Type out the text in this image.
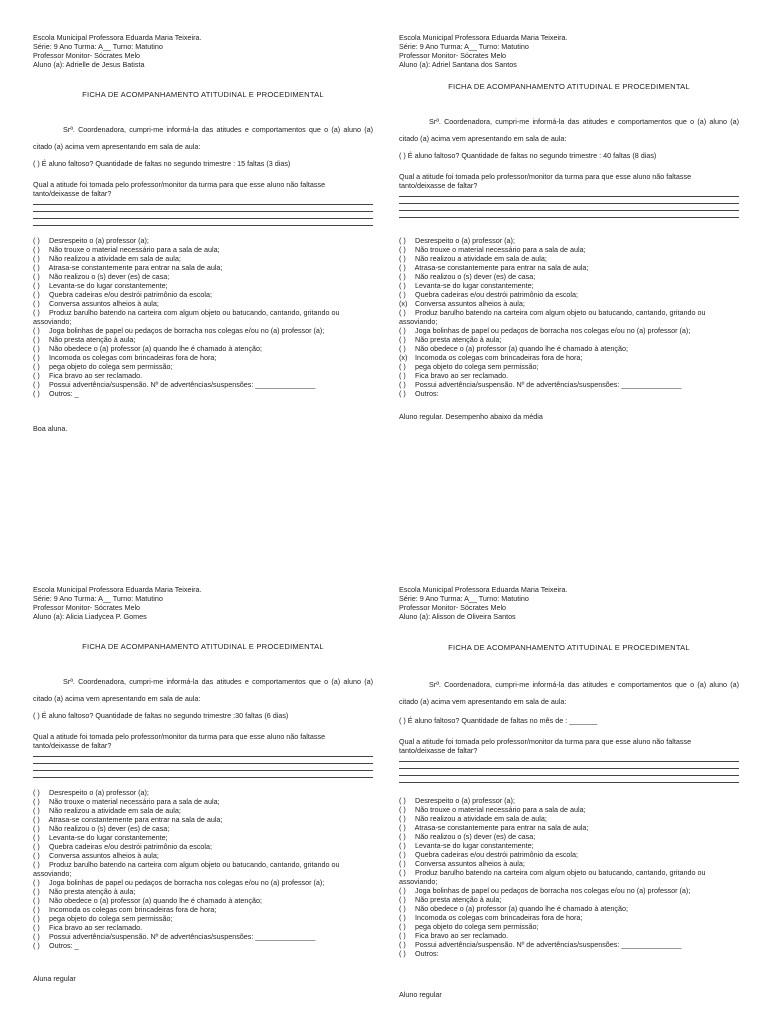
Escola Municipal Professora Eduarda Maria Teixeira.
Série: 9 Ano Turma: A__ Turno: Matutino
Professor Monitor- Sócrates Melo
Aluno (a): Adrielle de Jesus Batista
FICHA DE ACOMPANHAMENTO ATITUDINAL E PROCEDIMENTAL
Srª. Coordenadora, cumpri-me informá-la das atitudes e comportamentos que o (a) aluno (a) citado (a) acima vem apresentando em sala de aula:
( ) É aluno faltoso? Quantidade de faltas no segundo trimestre : 15 faltas (3 dias)
Qual a atitude foi tomada pelo professor/monitor da turma para que esse aluno não faltasse tanto/deixasse de faltar?
( ) Desrespeito o (a) professor (a);
( ) Não trouxe o material necessário para a sala de aula;
( ) Não realizou a atividade em sala de aula;
( ) Atrasa-se constantemente para entrar na sala de aula;
( ) Não realizou o (s) dever (es) de casa;
( ) Levanta-se do lugar constantemente;
( ) Quebra cadeiras e/ou destrói patrimônio da escola;
( ) Conversa assuntos alheios à aula;
( ) Produz barulho batendo na carteira com algum objeto ou batucando, cantando, gritando ou assoviando;
( ) Joga bolinhas de papel ou pedaços de borracha nos colegas e/ou no (a) professor (a);
( ) Não presta atenção à aula;
( ) Não obedece o (a) professor (a) quando lhe é chamado à atenção;
( ) Incomoda os colegas com brincadeiras fora de hora;
( ) pega objeto do colega sem permissão;
( ) Fica bravo ao ser reclamado.
( ) Possui advertência/suspensão. Nº de advertências/suspensões: _______________
( ) Outros: _
Boa aluna.
Escola Municipal Professora Eduarda Maria Teixeira.
Série: 9 Ano Turma: A__ Turno: Matutino
Professor Monitor- Sócrates Melo
Aluno (a): Adriel Santana dos Santos
FICHA DE ACOMPANHAMENTO ATITUDINAL E PROCEDIMENTAL
Srª. Coordenadora, cumpri-me informá-la das atitudes e comportamentos que o (a) aluno (a) citado (a) acima vem apresentando em sala de aula:
( ) É aluno faltoso? Quantidade de faltas no segundo trimestre : 40 faltas (8 dias)
Qual a atitude foi tomada pelo professor/monitor da turma para que esse aluno não faltasse tanto/deixasse de faltar?
( ) Desrespeito o (a) professor (a);
( ) Não trouxe o material necessário para a sala de aula;
( ) Não realizou a atividade em sala de aula;
( ) Atrasa-se constantemente para entrar na sala de aula;
( ) Não realizou o (s) dever (es) de casa;
( ) Levanta-se do lugar constantemente;
( ) Quebra cadeiras e/ou destrói patrimônio da escola;
(x) Conversa assuntos alheios à aula;
( ) Produz barulho batendo na carteira com algum objeto ou batucando, cantando, gritando ou assoviando;
( ) Joga bolinhas de papel ou pedaços de borracha nos colegas e/ou no (a) professor (a);
( ) Não presta atenção à aula;
( ) Não obedece o (a) professor (a) quando lhe é chamado à atenção;
(x) Incomoda os colegas com brincadeiras fora de hora;
( ) pega objeto do colega sem permissão;
( ) Fica bravo ao ser reclamado.
( ) Possui advertência/suspensão. Nº de advertências/suspensões: _______________
( ) Outros:
Aluno regular. Desempenho abaixo da média
Escola Municipal Professora Eduarda Maria Teixeira.
Série: 9 Ano Turma: A__ Turno: Matutino
Professor Monitor- Sócrates Melo
Aluno (a): Alicia Liadycea P. Gomes
FICHA DE ACOMPANHAMENTO ATITUDINAL E PROCEDIMENTAL
Srª. Coordenadora, cumpri-me informá-la das atitudes e comportamentos que o (a) aluno (a) citado (a) acima vem apresentando em sala de aula:
( ) É aluno faltoso? Quantidade de faltas no segundo trimestre :30 faltas (6 dias)
Qual a atitude foi tomada pelo professor/monitor da turma para que esse aluno não faltasse tanto/deixasse de faltar?
( ) Desrespeito o (a) professor (a);
( ) Não trouxe o material necessário para a sala de aula;
( ) Não realizou a atividade em sala de aula;
( ) Atrasa-se constantemente para entrar na sala de aula;
( ) Não realizou o (s) dever (es) de casa;
( ) Levanta-se do lugar constantemente;
( ) Quebra cadeiras e/ou destrói patrimônio da escola;
( ) Conversa assuntos alheios à aula;
( ) Produz barulho batendo na carteira com algum objeto ou batucando, cantando, gritando ou assoviando;
( ) Joga bolinhas de papel ou pedaços de borracha nos colegas e/ou no (a) professor (a);
( ) Não presta atenção à aula;
( ) Não obedece o (a) professor (a) quando lhe é chamado à atenção;
( ) Incomoda os colegas com brincadeiras fora de hora;
( ) pega objeto do colega sem permissão;
( ) Fica bravo ao ser reclamado.
( ) Possui advertência/suspensão. Nº de advertências/suspensões: _______________
( ) Outros: _
Aluna regular
Escola Municipal Professora Eduarda Maria Teixeira.
Série: 9 Ano Turma: A__ Turno: Matutino
Professor Monitor- Sócrates Melo
Aluno (a): Alisson de Oliveira Santos
FICHA DE ACOMPANHAMENTO ATITUDINAL E PROCEDIMENTAL
Srª. Coordenadora, cumpri-me informá-la das atitudes e comportamentos que o (a) aluno (a) citado (a) acima vem apresentando em sala de aula:
( ) É aluno faltoso? Quantidade de faltas no mês de : _______
Qual a atitude foi tomada pelo professor/monitor da turma para que esse aluno não faltasse tanto/deixasse de faltar?
( ) Desrespeito o (a) professor (a);
( ) Não trouxe o material necessário para a sala de aula;
( ) Não realizou a atividade em sala de aula;
( ) Atrasa-se constantemente para entrar na sala de aula;
( ) Não realizou o (s) dever (es) de casa;
( ) Levanta-se do lugar constantemente;
( ) Quebra cadeiras e/ou destrói patrimônio da escola;
( ) Conversa assuntos alheios à aula;
( ) Produz barulho batendo na carteira com algum objeto ou batucando, cantando, gritando ou assoviando;
( ) Joga bolinhas de papel ou pedaços de borracha nos colegas e/ou no (a) professor (a);
( ) Não presta atenção à aula;
( ) Não obedece o (a) professor (a) quando lhe é chamado à atenção;
( ) Incomoda os colegas com brincadeiras fora de hora;
( ) pega objeto do colega sem permissão;
( ) Fica bravo ao ser reclamado.
( ) Possui advertência/suspensão. Nº de advertências/suspensões: _______________
( ) Outros:
Aluno regular
